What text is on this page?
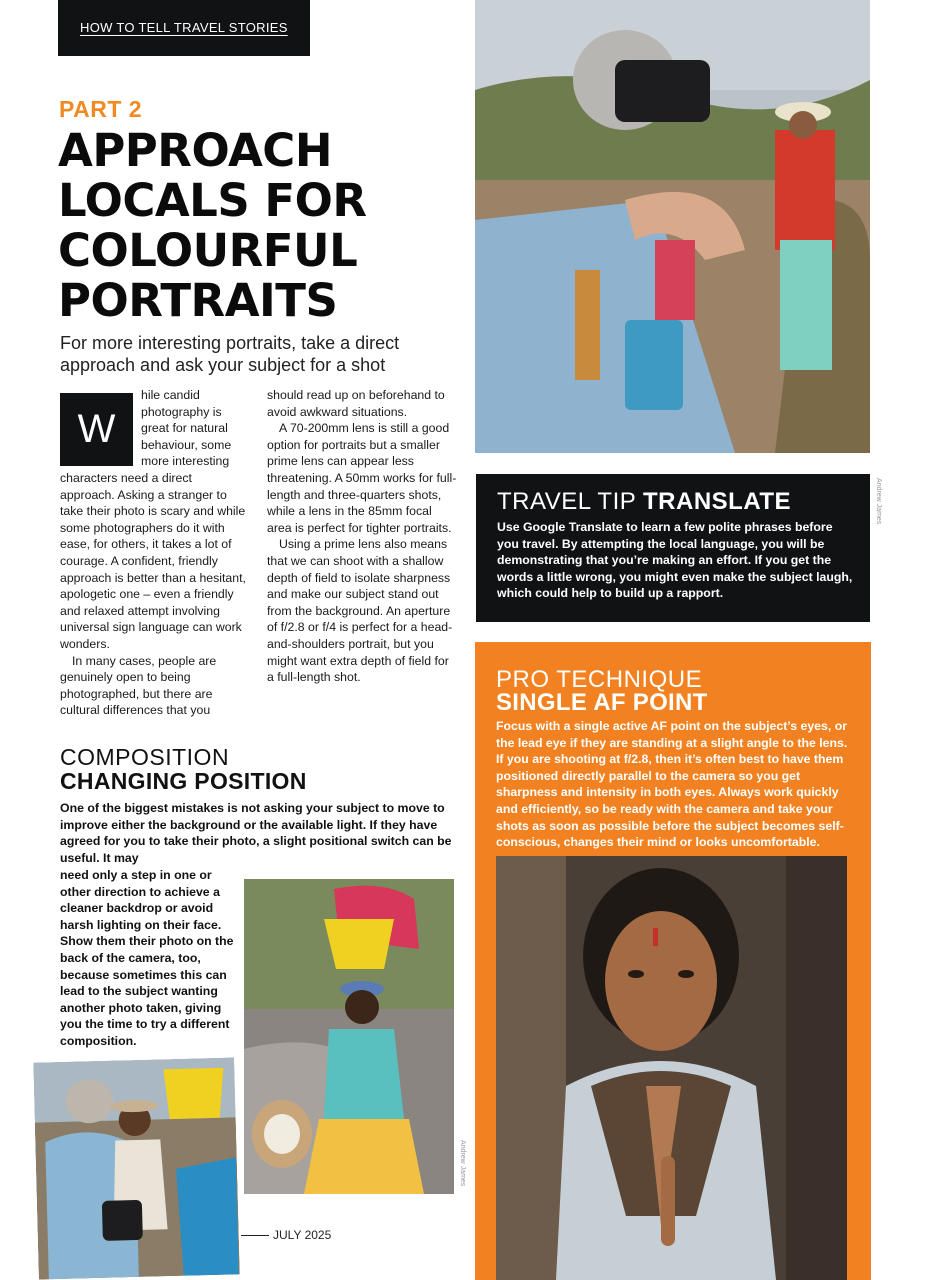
HOW TO TELL TRAVEL STORIES
PART 2
APPROACH
LOCALS FOR
COLOURFUL
PORTRAITS
For more interesting portraits, take a direct approach and ask your subject for a shot

W
hile candid photography is great for natural behaviour, some more interesting characters need a direct approach. Asking a stranger to take their photo is scary and while some photographers do it with ease, for others, it takes a lot of courage. A confident, friendly approach is better than a hesitant, apologetic one – even a friendly and relaxed attempt involving universal sign language can work wonders.

In many cases, people are genuinely open to being photographed, but there are cultural differences that you

should read up on beforehand to avoid awkward situations.

A 70-200mm lens is still a good option for portraits but a smaller prime lens can appear less threatening. A 50mm works for full-length and three-quarters shots, while a lens in the 85mm focal area is perfect for tighter portraits.

Using a prime lens also means that we can shoot with a shallow depth of field to isolate sharpness and make our subject stand out from the background. An aperture of f/2.8 or f/4 is perfect for a head-and-shoulders portrait, but you might want extra depth of field for a full-length shot.

COMPOSITION
CHANGING POSITION
One of the biggest mistakes is not asking your subject to move to improve either the background or the available light. If they have agreed for you to take their photo, a slight positional switch can be useful. It may
need only a step in one or other direction to achieve a cleaner backdrop or avoid harsh lighting on their face. Show them their photo on the back of the camera, too, because sometimes this can lead to the subject wanting another photo taken, giving you the time to try a different composition.
Andrew James
TRAVEL TIP TRANSLATE
Use Google Translate to learn a few polite phrases before you travel. By attempting the local language, you will be demonstrating that you’re making an effort. If you get the words a little wrong, you might even make the subject laugh, which could help to build up a rapport.
PRO TECHNIQUE
SINGLE AF POINT
Focus with a single active AF point on the subject’s eyes, or the lead eye if they are standing at a slight angle to the lens. If you are shooting at f/2.8, then it’s often best to have them positioned directly parallel to the camera so you get sharpness and intensity in both eyes. Always work quickly and efficiently, so be ready with the camera and take your shots as soon as possible before the subject becomes self-conscious, changes their mind or looks uncomfortable.
Andrew James
JULY 2025
